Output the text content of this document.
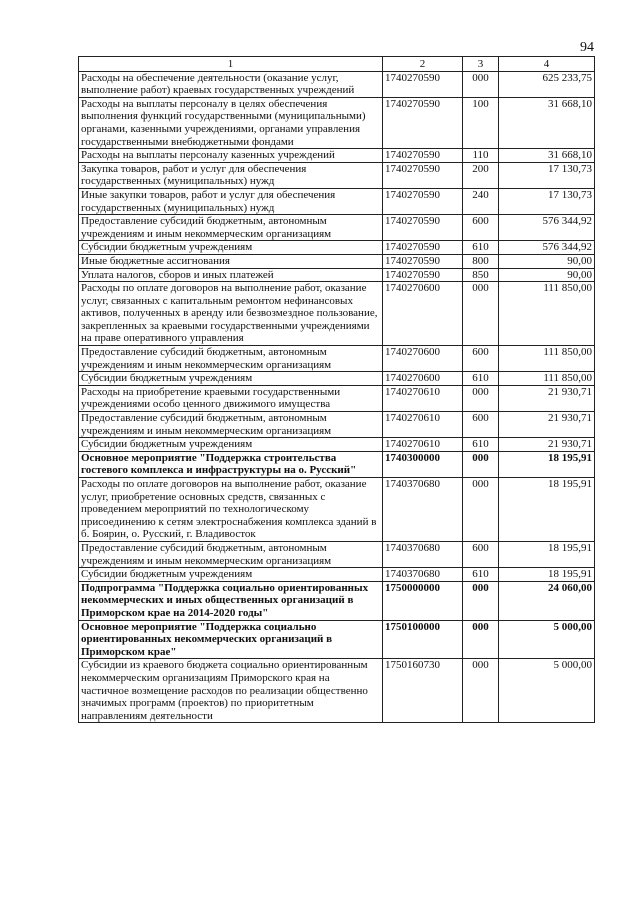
94
1	2	3	4
Расходы на обеспечение деятельности (оказание услуг, выполнение работ) краевых государственных учреждений	1740270590	000	625 233,75
Расходы на выплаты персоналу в целях обеспечения выполнения функций государственными (муниципальными) органами, казенными учреждениями, органами управления государственными внебюджетными фондами	1740270590	100	31 668,10
Расходы на выплаты персоналу казенных учреждений	1740270590	110	31 668,10
Закупка товаров, работ и услуг для обеспечения государственных (муниципальных) нужд	1740270590	200	17 130,73
Иные закупки товаров, работ и услуг для обеспечения государственных (муниципальных) нужд	1740270590	240	17 130,73
Предоставление субсидий бюджетным, автономным учреждениям и иным некоммерческим организациям	1740270590	600	576 344,92
Субсидии бюджетным учреждениям	1740270590	610	576 344,92
Иные бюджетные ассигнования	1740270590	800	90,00
Уплата налогов, сборов и иных платежей	1740270590	850	90,00
Расходы по оплате договоров на выполнение работ, оказание услуг, связанных с капитальным ремонтом нефинансовых активов, полученных в аренду или безвозмездное пользование, закрепленных за краевыми государственными учреждениями на праве оперативного управления	1740270600	000	111 850,00
Предоставление субсидий бюджетным, автономным учреждениям и иным некоммерческим организациям	1740270600	600	111 850,00
Субсидии бюджетным учреждениям	1740270600	610	111 850,00
Расходы на приобретение краевыми государственными учреждениями особо ценного движимого имущества	1740270610	000	21 930,71
Предоставление субсидий бюджетным, автономным учреждениям и иным некоммерческим организациям	1740270610	600	21 930,71
Субсидии бюджетным учреждениям	1740270610	610	21 930,71
Основное мероприятие "Поддержка строительства гостевого комплекса и инфраструктуры на о. Русский"	1740300000	000	18 195,91
Расходы по оплате договоров на выполнение работ, оказание услуг, приобретение основных средств, связанных с проведением мероприятий по технологическому присоединению к сетям электроснабжения комплекса зданий в б. Боярин, о. Русский, г. Владивосток	1740370680	000	18 195,91
Предоставление субсидий бюджетным, автономным учреждениям и иным некоммерческим организациям	1740370680	600	18 195,91
Субсидии бюджетным учреждениям	1740370680	610	18 195,91
Подпрограмма "Поддержка социально ориентированных некоммерческих и иных общественных организаций в Приморском крае на 2014-2020 годы"	1750000000	000	24 060,00
Основное мероприятие "Поддержка социально ориентированных некоммерческих организаций в Приморском крае"	1750100000	000	5 000,00
Субсидии из краевого бюджета социально ориентированным некоммерческим организациям Приморского края на частичное возмещение расходов по реализации общественно значимых программ (проектов) по приоритетным направлениям деятельности	1750160730	000	5 000,00
